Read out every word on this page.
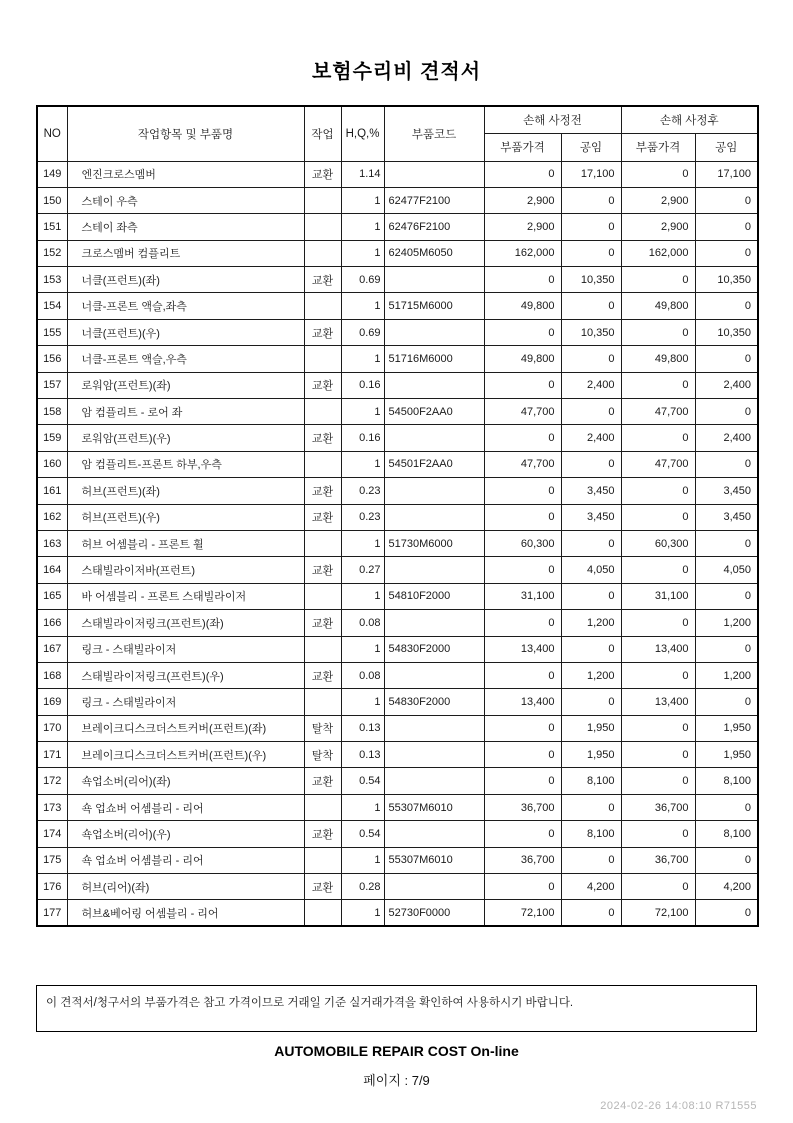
보험수리비 견적서
NO	작업항목 및 부품명	작업	H,Q,%	부품코드	손해 사정전		손해 사정후	
					부품가격	공임	부품가격	공임
149	엔진크로스멤버	교환	1.14		0	17,100	0	17,100
150	스테이 우측		1	62477F2100	2,900	0	2,900	0
151	스테이 좌측		1	62476F2100	2,900	0	2,900	0
152	크로스멤버 컴플리트		1	62405M6050	162,000	0	162,000	0
153	너클(프런트)(좌)	교환	0.69		0	10,350	0	10,350
154	너클-프론트 액슬,좌측		1	51715M6000	49,800	0	49,800	0
155	너클(프런트)(우)	교환	0.69		0	10,350	0	10,350
156	너클-프론트 액슬,우측		1	51716M6000	49,800	0	49,800	0
157	로워암(프런트)(좌)	교환	0.16		0	2,400	0	2,400
158	암 컴플리트 - 로어 좌		1	54500F2AA0	47,700	0	47,700	0
159	로워암(프런트)(우)	교환	0.16		0	2,400	0	2,400
160	암 컴플리트-프론트 하부,우측		1	54501F2AA0	47,700	0	47,700	0
161	허브(프런트)(좌)	교환	0.23		0	3,450	0	3,450
162	허브(프런트)(우)	교환	0.23		0	3,450	0	3,450
163	허브 어셈블리 - 프론트 휠		1	51730M6000	60,300	0	60,300	0
164	스태빌라이저바(프런트)	교환	0.27		0	4,050	0	4,050
165	바 어셈블리 - 프론트 스태빌라이저		1	54810F2000	31,100	0	31,100	0
166	스태빌라이저링크(프런트)(좌)	교환	0.08		0	1,200	0	1,200
167	링크 - 스태빌라이저		1	54830F2000	13,400	0	13,400	0
168	스태빌라이저링크(프런트)(우)	교환	0.08		0	1,200	0	1,200
169	링크 - 스태빌라이저		1	54830F2000	13,400	0	13,400	0
170	브레이크디스크더스트커버(프런트)(좌)	탈착	0.13		0	1,950	0	1,950
171	브레이크디스크더스트커버(프런트)(우)	탈착	0.13		0	1,950	0	1,950
172	쇽업소버(리어)(좌)	교환	0.54		0	8,100	0	8,100
173	쇽 업쇼버 어셈블리 - 리어		1	55307M6010	36,700	0	36,700	0
174	쇽업소버(리어)(우)	교환	0.54		0	8,100	0	8,100
175	쇽 업쇼버 어셈블리 - 리어		1	55307M6010	36,700	0	36,700	0
176	허브(리어)(좌)	교환	0.28		0	4,200	0	4,200
177	허브&베어링 어셈블리 - 리어		1	52730F0000	72,100	0	72,100	0
이 견적서/청구서의 부품가격은 참고 가격이므로 거래일 기준 실거래가격을 확인하여 사용하시기 바랍니다.
AUTOMOBILE REPAIR COST On-line
페이지 : 7/9
2024-02-26 14:08:10 R71555
